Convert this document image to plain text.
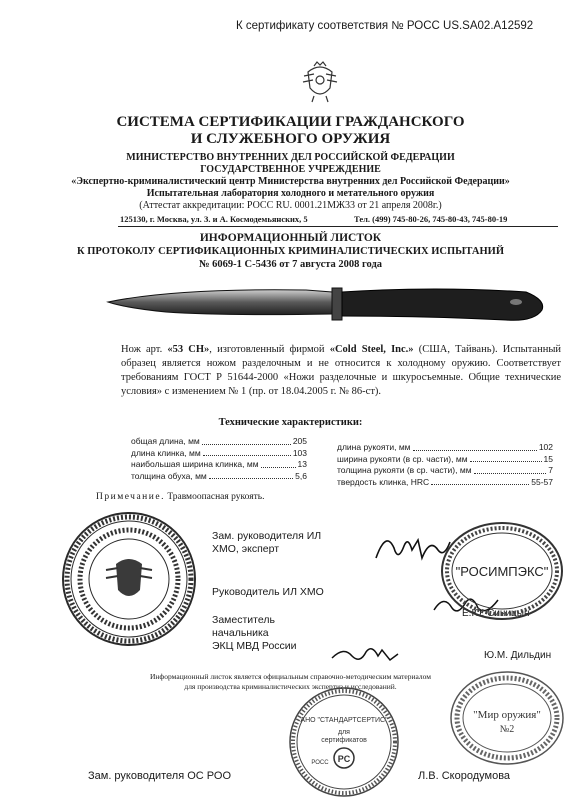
К сертификату соответствия № РОСС US.SA02.A12592
СИСТЕМА СЕРТИФИКАЦИИ ГРАЖДАНСКОГО
И СЛУЖЕБНОГО ОРУЖИЯ
МИНИСТЕРСТВО ВНУТРЕННИХ ДЕЛ РОССИЙСКОЙ ФЕДЕРАЦИИ
ГОСУДАРСТВЕННОЕ УЧРЕЖДЕНИЕ
«Экспертно-криминалистический центр Министерства внутренних дел Российской Федерации»
Испытательная лаборатория холодного и метательного оружия
(Аттестат аккредитации: РОСС RU. 0001.21МЖ33 от 21 апреля 2008г.)
125130, г. Москва, ул. З. и А. Космодемьянских, 5	Тел. (499) 745-80-26, 745-80-43, 745-80-19
ИНФОРМАЦИОННЫЙ ЛИСТОК
К ПРОТОКОЛУ СЕРТИФИКАЦИОННЫХ КРИМИНАЛИСТИЧЕСКИХ ИСПЫТАНИЙ
№ 6069-1 С-5436 от 7 августа 2008 года
Нож арт. «53 CH», изготовленный фирмой «Cold Steel, Inc.» (США, Тайвань). Испытанный образец является ножом разделочным и не относится к холодному оружию. Соответствует требованиям ГОСТ Р 51644-2000 «Ножи разделочные и шкуросъемные. Общие технические условия» с изменением № 1 (пр. от 18.04.2005 г. № 86-ст).
Технические характеристики:
общая длина, мм	205
длина клинка, мм	103
наибольшая ширина клинка, мм	13
толщина обуха, мм	5,6
длина рукояти, мм	102
ширина рукояти (в ср. части), мм	15
толщина рукояти (в ср. части), мм	7
твердость клинка, HRC	55-57
Примечание. Травмоопасная рукоять.
Зам. руководителя ИЛ
ХМО, эксперт
Руководитель ИЛ ХМО
Заместитель
начальника
ЭКЦ МВД России
Е.Ю. Синицын
Ю.М. Дильдин
"РОСИМПЭКС"
Информационный листок является официальным справочно-методическим материалом
для производства криминалистических экспертиз и исследований.
АНО "СТАНДАРТСЕРТИС"
для
сертификатов
PC
РОСС
"Мир оружия"
№2
Зам. руководителя ОС РОО	Л.В. Скородумова
